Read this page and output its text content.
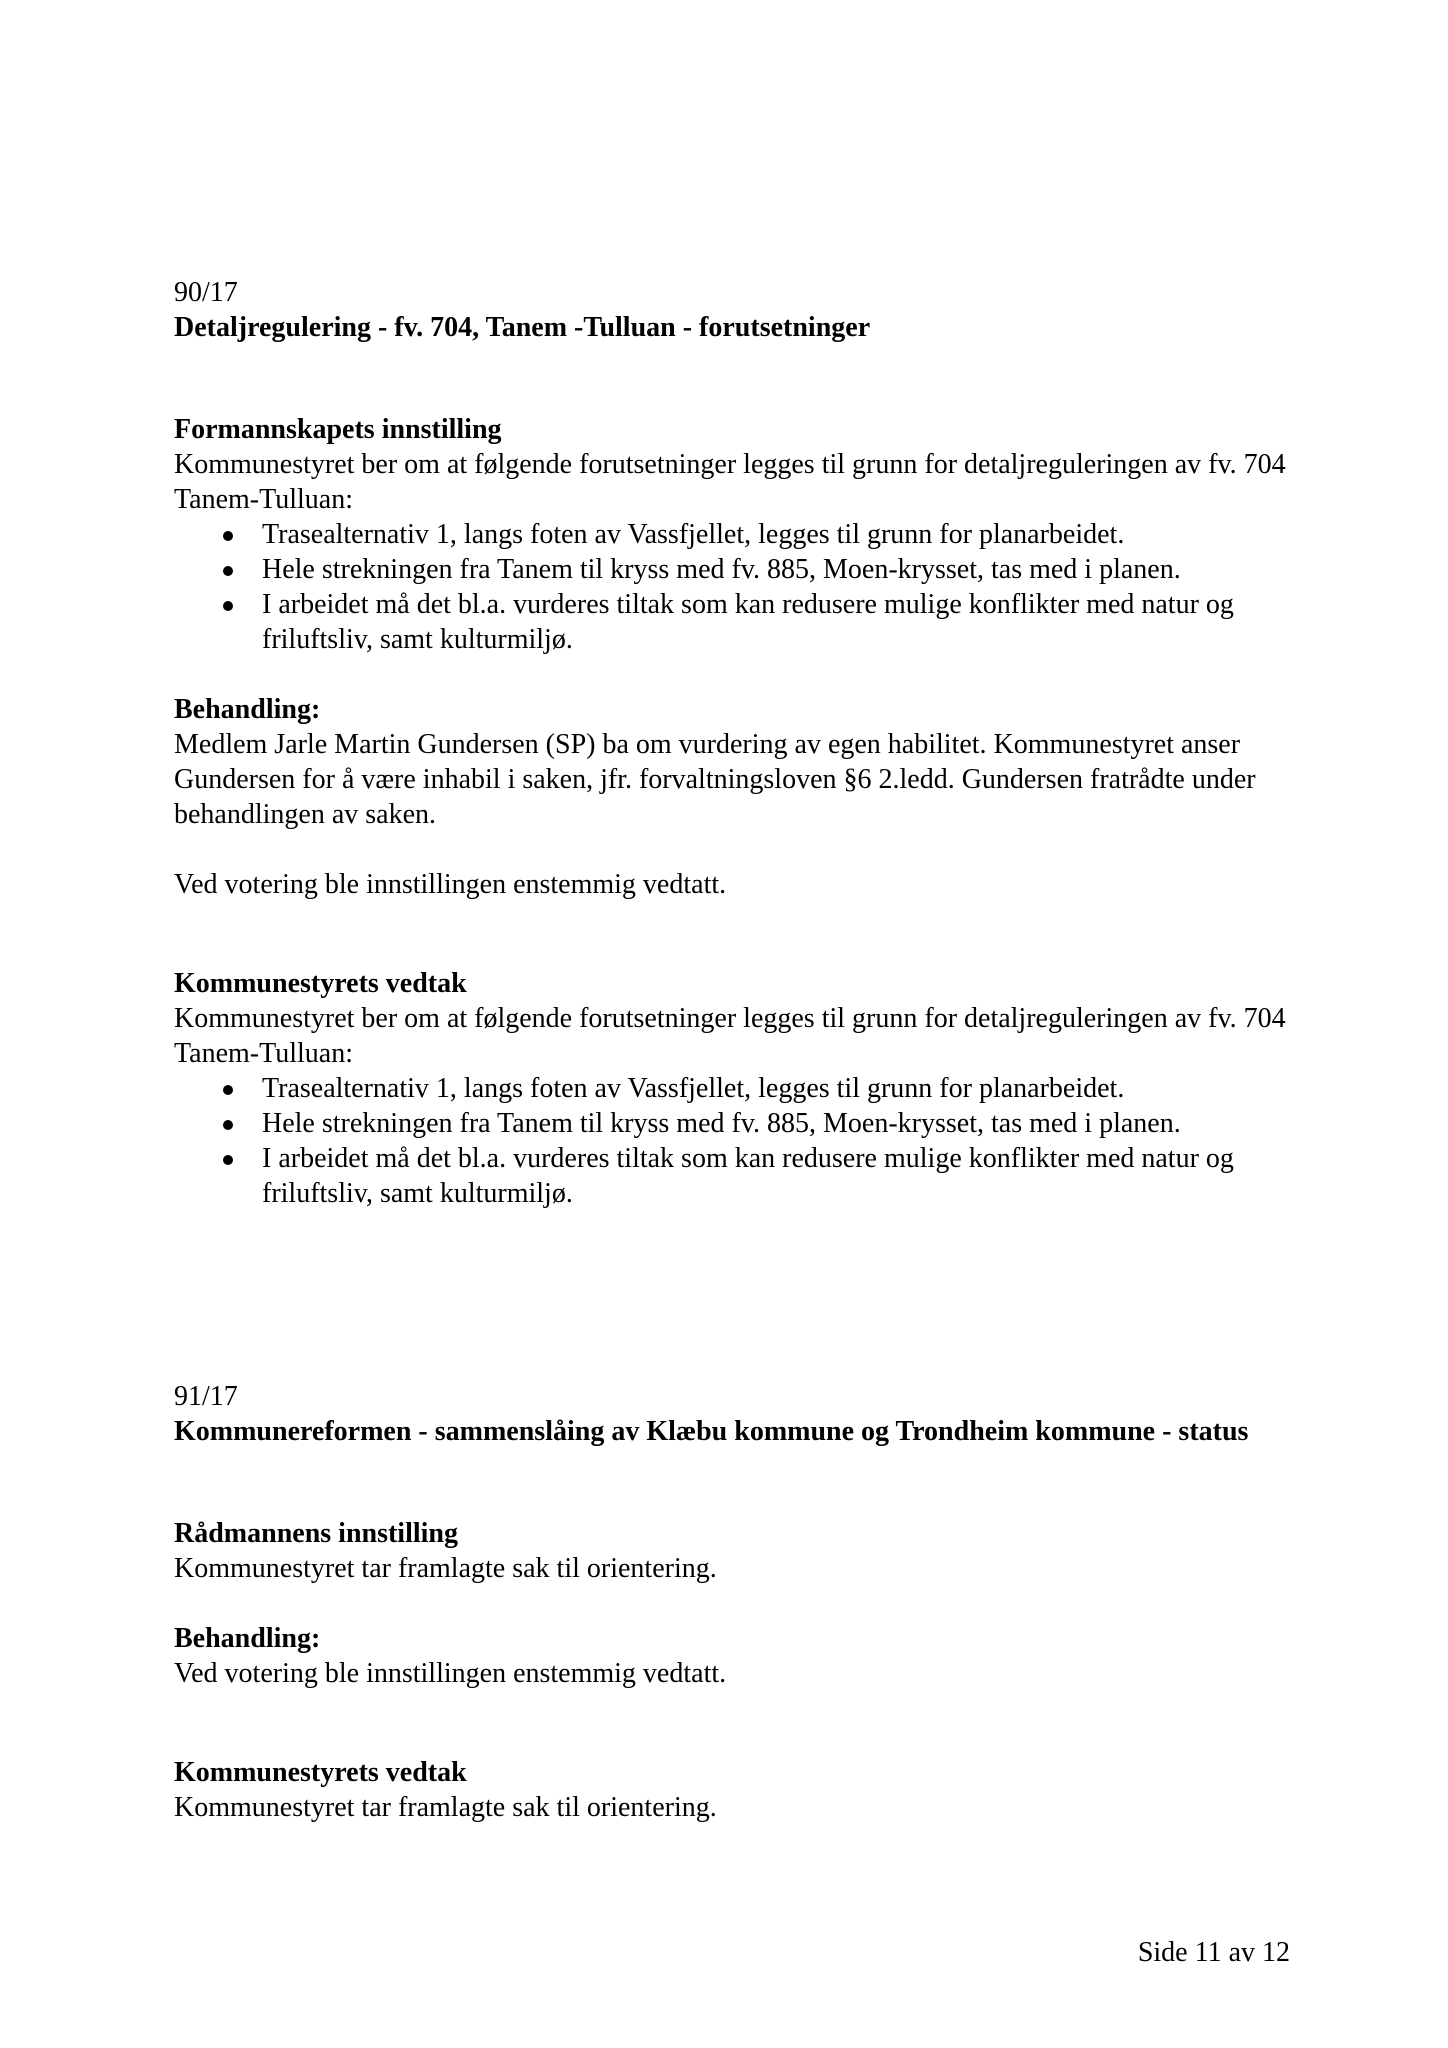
90/17

Detaljregulering - fv. 704, Tanem -Tulluan - forutsetninger

Formannskapets innstilling

Kommunestyret ber om at følgende forutsetninger legges til grunn for detaljreguleringen av fv. 704 Tanem-Tulluan:

Trasealternativ 1, langs foten av Vassfjellet, legges til grunn for planarbeidet.
Hele strekningen fra Tanem til kryss med fv. 885, Moen-krysset, tas med i planen.
I arbeidet må det bl.a. vurderes tiltak som kan redusere mulige konflikter med natur og friluftsliv, samt kulturmiljø.

Behandling:

Medlem Jarle Martin Gundersen (SP) ba om vurdering av egen habilitet. Kommunestyret anser Gundersen for å være inhabil i saken, jfr. forvaltningsloven §6 2.ledd. Gundersen fratrådte under behandlingen av saken.

Ved votering ble innstillingen enstemmig vedtatt.

Kommunestyrets vedtak

Kommunestyret ber om at følgende forutsetninger legges til grunn for detaljreguleringen av fv. 704 Tanem-Tulluan:

Trasealternativ 1, langs foten av Vassfjellet, legges til grunn for planarbeidet.
Hele strekningen fra Tanem til kryss med fv. 885, Moen-krysset, tas med i planen.
I arbeidet må det bl.a. vurderes tiltak som kan redusere mulige konflikter med natur og friluftsliv, samt kulturmiljø.

91/17

Kommunereformen - sammenslåing av Klæbu kommune og Trondheim kommune - status

Rådmannens innstilling

Kommunestyret tar framlagte sak til orientering.

Behandling:

Ved votering ble innstillingen enstemmig vedtatt.

Kommunestyrets vedtak

Kommunestyret tar framlagte sak til orientering.

Side 11 av 12
